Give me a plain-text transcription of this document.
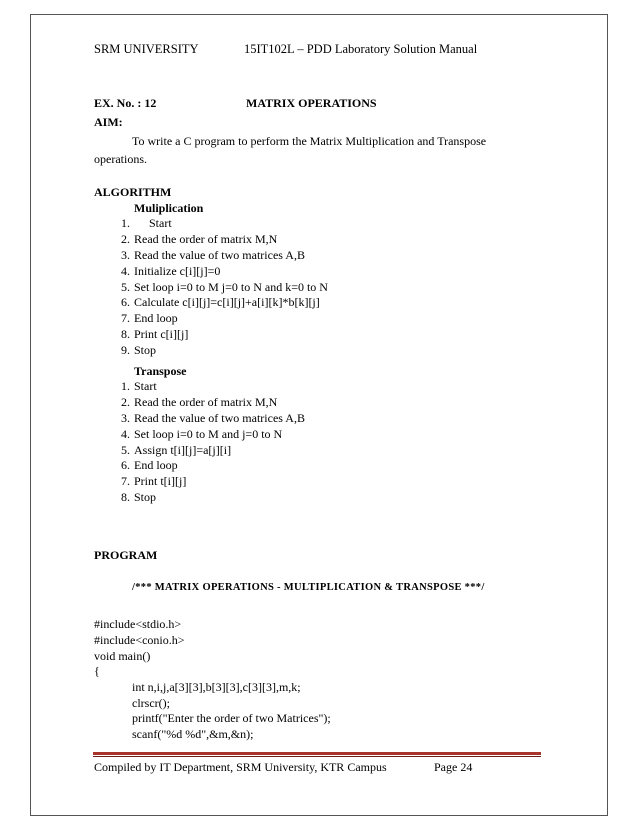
SRM UNIVERSITY	15IT102L – PDD Laboratory Solution Manual
EX. No. : 12	MATRIX OPERATIONS
AIM:
To write a C program to perform the Matrix Multiplication and Transpose
operations.
ALGORITHM
Muliplication
1. Start
2. Read the order of matrix M,N
3. Read the value of two matrices A,B
4. Initialize c[i][j]=0
5. Set loop i=0 to M j=0 to N and k=0 to N
6. Calculate c[i][j]=c[i][j]+a[i][k]*b[k][j]
7. End loop
8. Print c[i][j]
9. Stop
Transpose
1. Start
2. Read the order of matrix M,N
3. Read the value of two matrices A,B
4. Set loop i=0 to M and j=0 to N
5. Assign t[i][j]=a[j][i]
6. End loop
7. Print t[i][j]
8. Stop
PROGRAM
/*** MATRIX OPERATIONS - MULTIPLICATION & TRANSPOSE ***/
#include<stdio.h>
#include<conio.h>
void main()
{
int n,i,j,a[3][3],b[3][3],c[3][3],m,k;
clrscr();
printf("Enter the order of two Matrices");
scanf("%d %d",&m,&n);
Compiled by IT Department, SRM University, KTR Campus	Page 24
